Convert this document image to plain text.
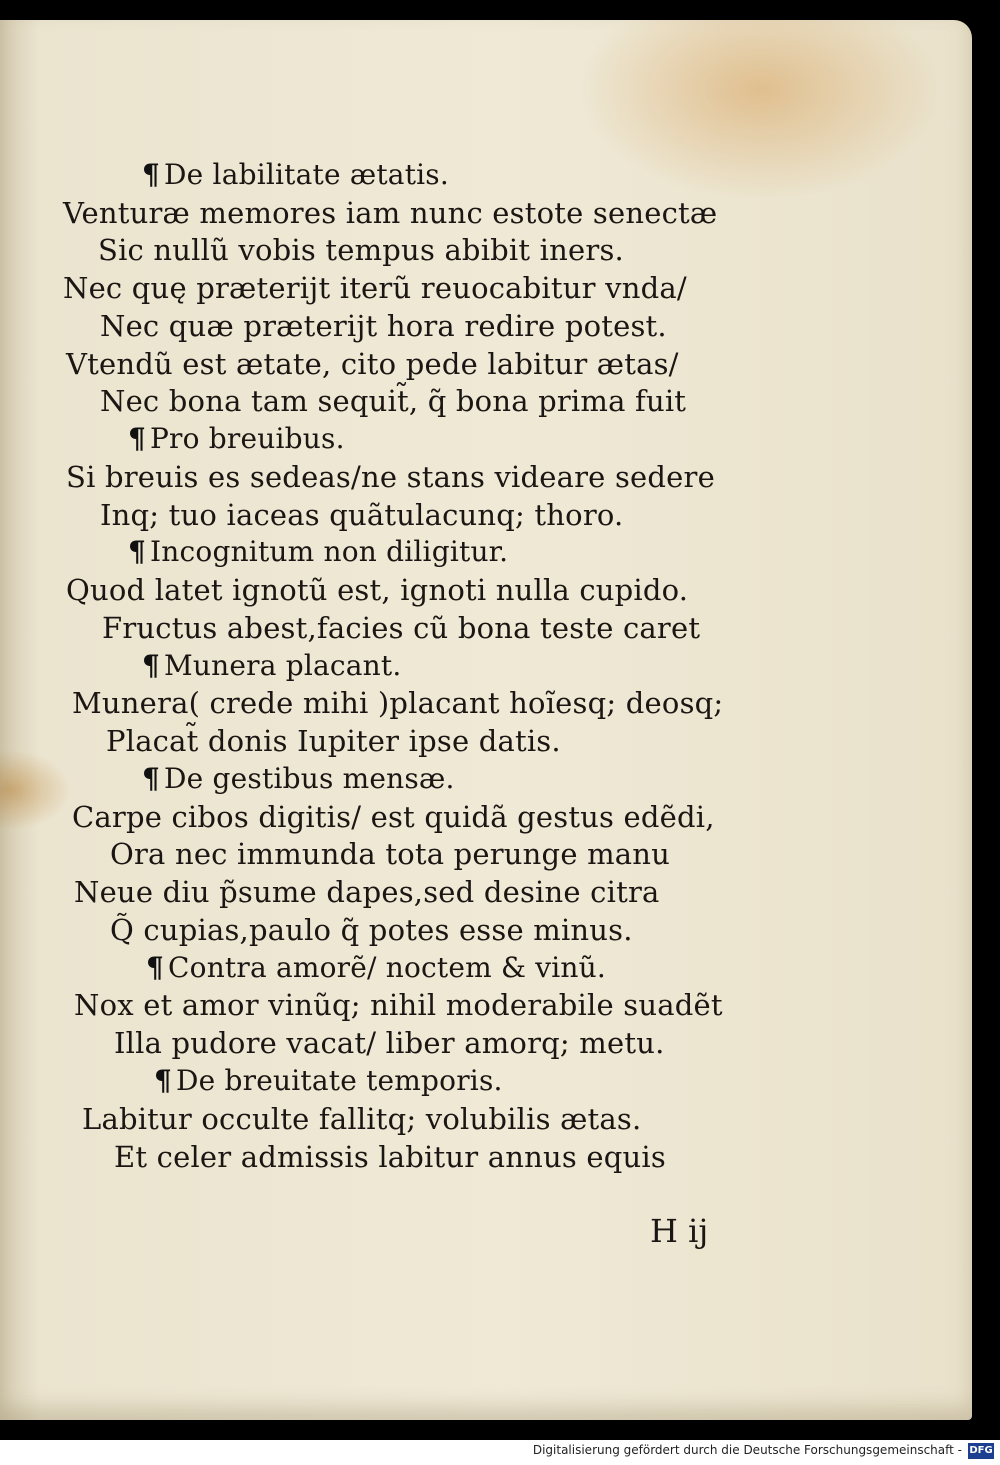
¶ De labilitate ætatis.
Venturæ memores iam nunc estote senectæ
Sic nullũ vobis tempus abibit iners.
Nec quę præterijt iterũ reuocabitur vnda/
Nec quæ præterijt hora redire potest.
Vtendũ est ætate, cito pede labitur ætas/
Nec bona tam sequit̃, q̃ bona prima fuit
¶ Pro breuibus.
Si breuis es sedeas/ne stans videare sedere
Inq; tuo iaceas quãtulacunq; thoro.
¶ Incognitum non diligitur.
Quod latet ignotũ est, ignoti nulla cupido.
Fructus abest,facies cũ bona teste caret
¶ Munera placant.
Munera( crede mihi )placant hoĩesq; deosq;
Placat̃ donis Iupiter ipse datis.
¶ De gestibus mensæ.
Carpe cibos digitis/ est quidã gestus edẽdi,
Ora nec immunda tota perunge manu
Neue diu p̃sume dapes,sed desine citra
Q̃ cupias,paulo q̃ potes esse minus.
¶ Contra amorẽ/ noctem & vinũ.
Nox et amor vinũq; nihil moderabile suadẽt
Illa pudore vacat/ liber amorq; metu.
¶ De breuitate temporis.
Labitur occulte fallitq; volubilis ætas.
Et celer admissis labitur annus equis
H ij
Digitalisierung gefördert durch die Deutsche Forschungsgemeinschaft - DFG
